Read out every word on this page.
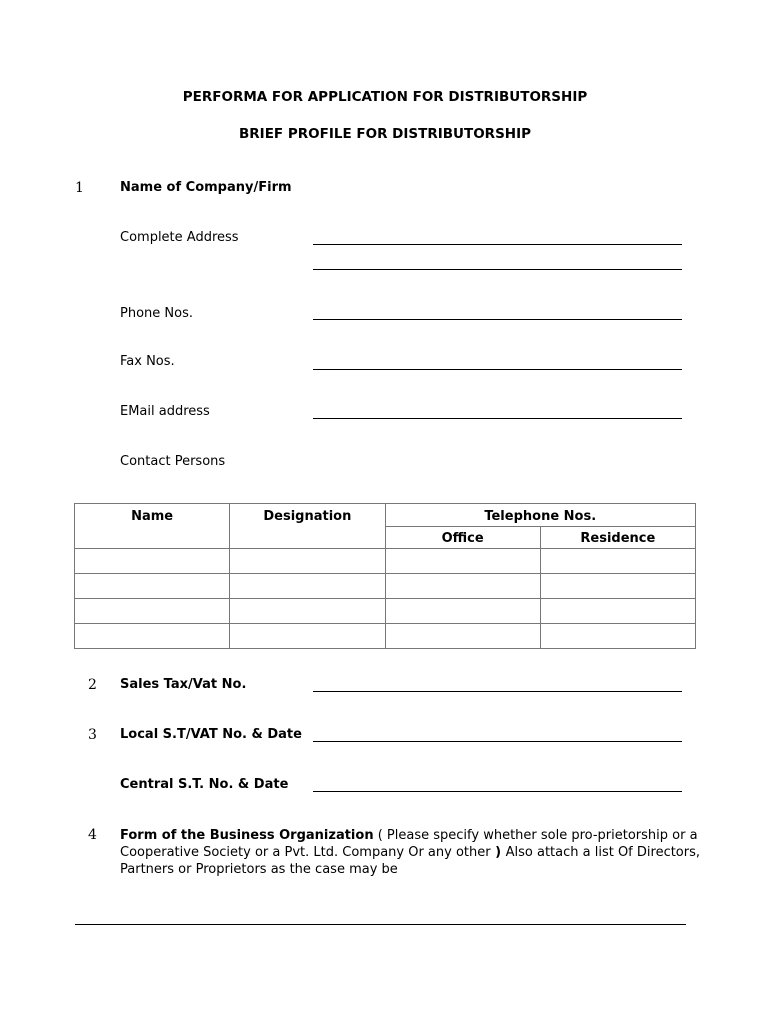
PERFORMA FOR APPLICATION FOR DISTRIBUTORSHIP
BRIEF PROFILE FOR DISTRIBUTORSHIP
1	Name of Company/Firm
Complete Address
Phone Nos.
Fax Nos.
EMail address
Contact Persons
Name	Designation	Telephone Nos.	
		Office	Residence

2 Sales Tax/Vat No.
3 Local S.T/VAT No. & Date
Central S.T. No. & Date
4 Form of the Business Organization ( Please specify whether sole pro-prietorship or a Cooperative Society or a Pvt. Ltd. Company Or any other ) Also attach a list Of Directors, Partners or Proprietors as the case may be
